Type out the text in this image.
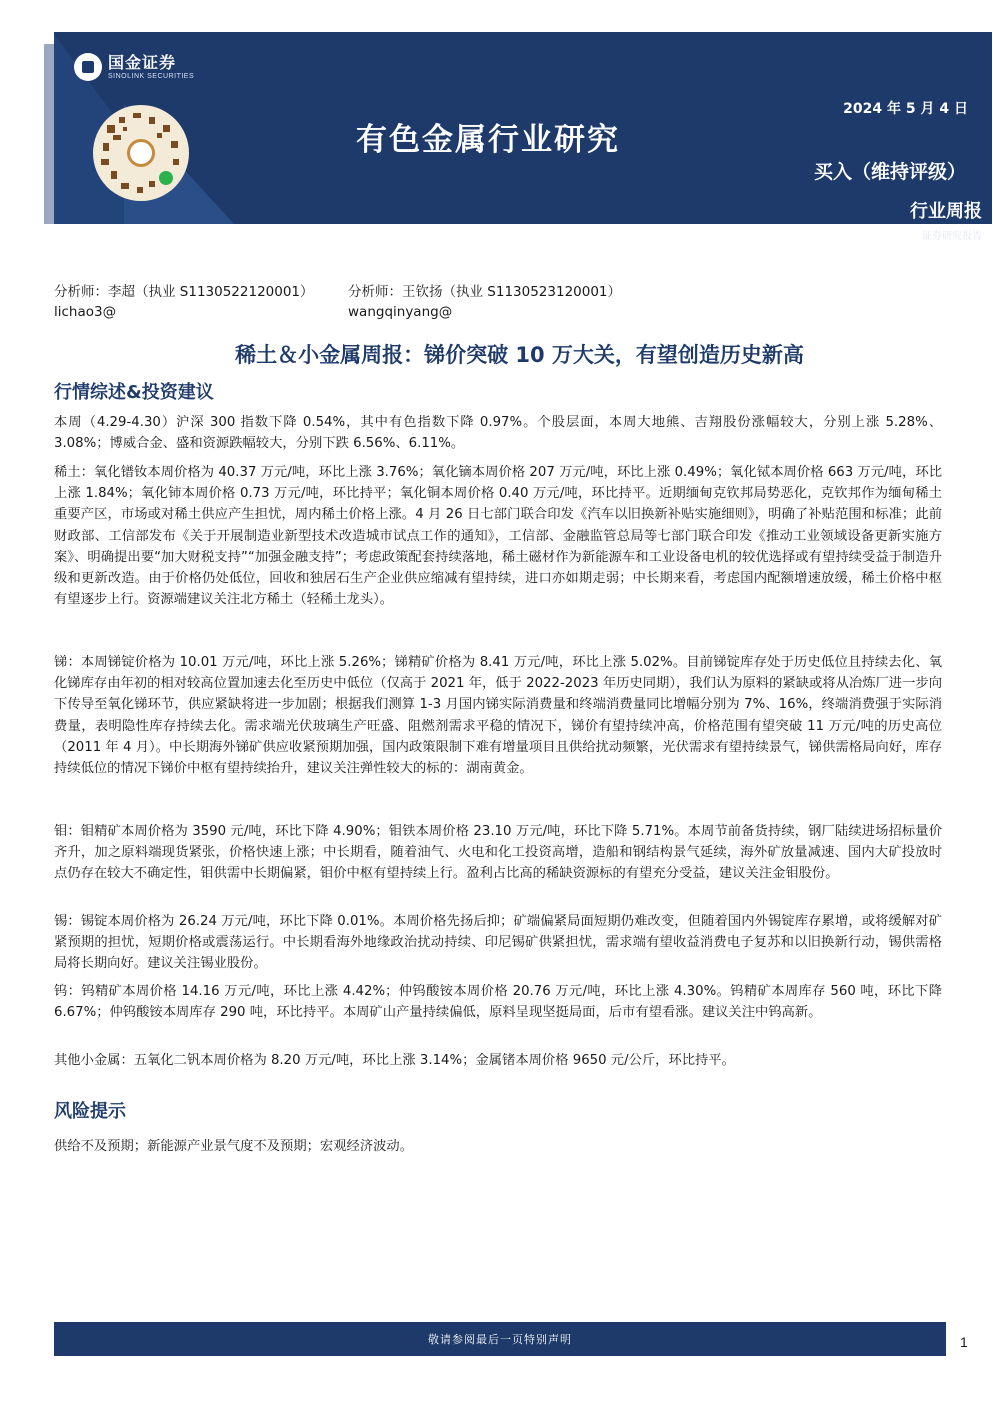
2024 年 5 月 4 日
买入（维持评级）
行业周报
证券研究报告
国金证券
SINOLINK SECURITIES
有色金属行业研究
分析师：李超（执业 S1130522120001）
lichao3@
分析师：王钦扬（执业 S1130523120001）
wangqinyang@
稀土＆小金属周报：锑价突破 10 万大关，有望创造历史新高
行情综述&投资建议

本周（4.29-4.30）沪深 300 指数下降 0.54%，其中有色指数下降 0.97%。个股层面，本周大地熊、吉翔股份涨幅较大，分别上涨 5.28%、3.08%；博威合金、盛和资源跌幅较大，分别下跌 6.56%、6.11%。

稀土：氧化镨钕本周价格为 40.37 万元/吨，环比上涨 3.76%；氧化镝本周价格 207 万元/吨，环比上涨 0.49%；氧化铽本周价格 663 万元/吨，环比上涨 1.84%；氧化铈本周价格 0.73 万元/吨，环比持平；氧化铜本周价格 0.40 万元/吨，环比持平。近期缅甸克钦邦局势恶化，克钦邦作为缅甸稀土重要产区，市场或对稀土供应产生担忧，周内稀土价格上涨。4 月 26 日七部门联合印发《汽车以旧换新补贴实施细则》，明确了补贴范围和标准；此前财政部、工信部发布《关于开展制造业新型技术改造城市试点工作的通知》，工信部、金融监管总局等七部门联合印发《推动工业领域设备更新实施方案》、明确提出要“加大财税支持”“加强金融支持”；考虑政策配套持续落地，稀土磁材作为新能源车和工业设备电机的较优选择或有望持续受益于制造升级和更新改造。由于价格仍处低位，回收和独居石生产企业供应缩减有望持续，进口亦如期走弱；中长期来看，考虑国内配额增速放缓，稀土价格中枢有望逐步上行。资源端建议关注北方稀土（轻稀土龙头）。

锑：本周锑锭价格为 10.01 万元/吨，环比上涨 5.26%；锑精矿价格为 8.41 万元/吨，环比上涨 5.02%。目前锑锭库存处于历史低位且持续去化、氧化锑库存由年初的相对较高位置加速去化至历史中低位（仅高于 2021 年，低于 2022-2023 年历史同期），我们认为原料的紧缺或将从冶炼厂进一步向下传导至氧化锑环节，供应紧缺将进一步加剧；根据我们测算 1-3 月国内锑实际消费量和终端消费量同比增幅分别为 7%、16%，终端消费强于实际消费量，表明隐性库存持续去化。需求端光伏玻璃生产旺盛、阻燃剂需求平稳的情况下，锑价有望持续冲高，价格范围有望突破 11 万元/吨的历史高位（2011 年 4 月）。中长期海外锑矿供应收紧预期加强，国内政策限制下难有增量项目且供给扰动频繁，光伏需求有望持续景气，锑供需格局向好，库存持续低位的情况下锑价中枢有望持续抬升，建议关注弹性较大的标的：湖南黄金。

钼：钼精矿本周价格为 3590 元/吨，环比下降 4.90%；钼铁本周价格 23.10 万元/吨，环比下降 5.71%。本周节前备货持续，钢厂陆续进场招标量价齐升，加之原料端现货紧张，价格快速上涨；中长期看，随着油气、火电和化工投资高增，造船和钢结构景气延续，海外矿放量减速、国内大矿投放时点仍存在较大不确定性，钼供需中长期偏紧，钼价中枢有望持续上行。盈利占比高的稀缺资源标的有望充分受益，建议关注金钼股份。

锡：锡锭本周价格为 26.24 万元/吨，环比下降 0.01%。本周价格先扬后抑；矿端偏紧局面短期仍难改变，但随着国内外锡锭库存累增，或将缓解对矿紧预期的担忧，短期价格或震荡运行。中长期看海外地缘政治扰动持续、印尼锡矿供紧担忧，需求端有望收益消费电子复苏和以旧换新行动，锡供需格局将长期向好。建议关注锡业股份。

钨：钨精矿本周价格 14.16 万元/吨，环比上涨 4.42%；仲钨酸铵本周价格 20.76 万元/吨，环比上涨 4.30%。钨精矿本周库存 560 吨，环比下降 6.67%；仲钨酸铵本周库存 290 吨，环比持平。本周矿山产量持续偏低，原料呈现坚挺局面，后市有望看涨。建议关注中钨高新。

其他小金属：五氧化二钒本周价格为 8.20 万元/吨，环比上涨 3.14%；金属锗本周价格 9650 元/公斤，环比持平。

风险提示

供给不及预期；新能源产业景气度不及预期；宏观经济波动。

敬请参阅最后一页特别声明	1
